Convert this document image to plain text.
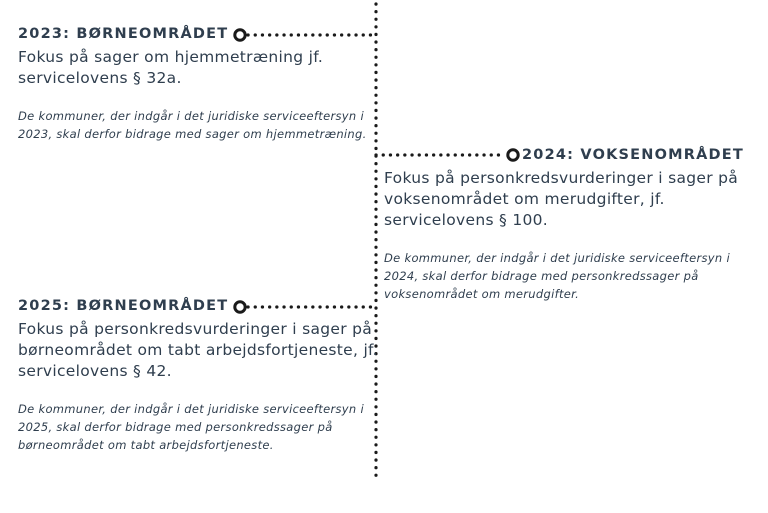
2023: BØRNEOMRÅDET

Fokus på sager om hjemmetræning jf. servicelovens § 32a.

De kommuner, der indgår i det juridiske serviceeftersyn i 2023, skal derfor bidrage med sager om hjemmetræning.

2024: VOKSENOMRÅDET

Fokus på personkredsvurderinger i sager på voksenområdet om merudgifter, jf. servicelovens § 100.

De kommuner, der indgår i det juridiske serviceeftersyn i 2024, skal derfor bidrage med personkredssager på voksenområdet om merudgifter.

2025: BØRNEOMRÅDET

Fokus på personkredsvurderinger i sager på børneområdet om tabt arbejdsfortjeneste, jf. servicelovens § 42.

De kommuner, der indgår i det juridiske serviceeftersyn i 2025, skal derfor bidrage med personkredssager på børneområdet om tabt arbejdsfortjeneste.
